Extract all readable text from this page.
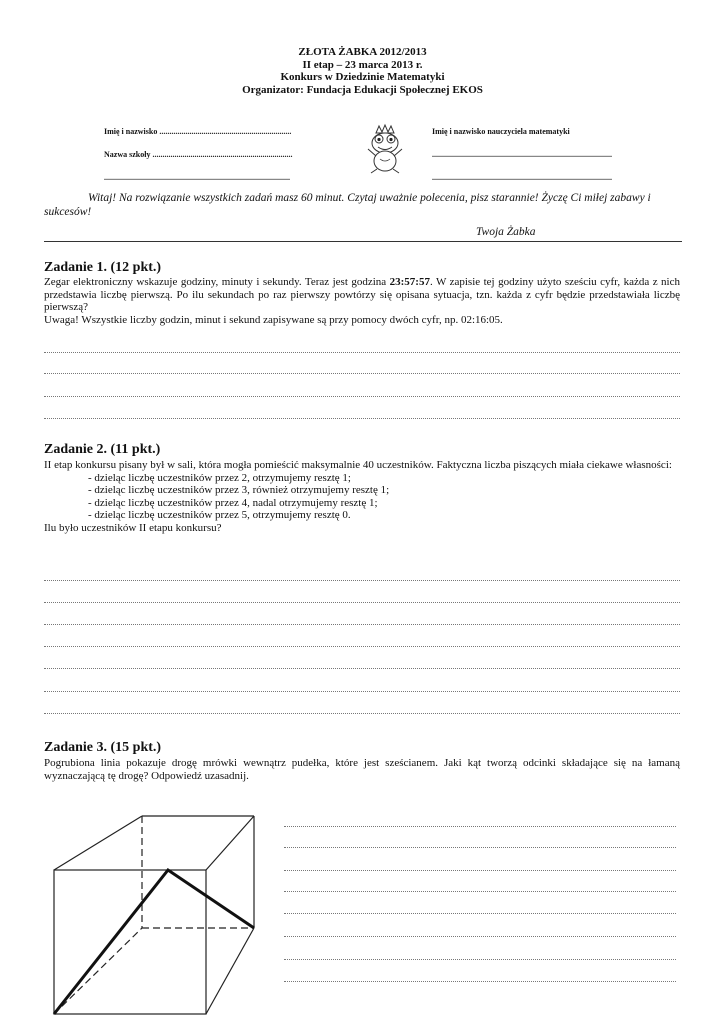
ZŁOTA ŻABKA 2012/2013
II etap – 23 marca 2013 r.
Konkurs w Dziedzinie Matematyki
Organizator: Fundacja Edukacji Społecznej EKOS
Imię i nazwisko ..................................................................	Imię i nazwisko nauczyciela matematyki
Nazwa szkoły ......................................................................
.............................................................................................
..........................................................................................
..........................................................................................
Witaj! Na rozwiązanie wszystkich zadań masz 60 minut. Czytaj uważnie polecenia, pisz starannie! Życzę Ci miłej zabawy i sukcesów!
Twoja Żabka
Zadanie 1. (12 pkt.)

Zegar elektroniczny wskazuje godziny, minuty i sekundy. Teraz jest godzina 23:57:57. W zapisie tej godziny użyto sześciu cyfr, każda z nich przedstawia liczbę pierwszą. Po ilu sekundach po raz pierwszy powtórzy się opisana sytuacja, tzn. każda z cyfr będzie przedstawiała liczbę pierwszą?

Uwaga! Wszystkie liczby godzin, minut i sekund zapisywane są przy pomocy dwóch cyfr, np. 02:16:05.

Zadanie 2. (11 pkt.)

II etap konkursu pisany był w sali, która mogła pomieścić maksymalnie 40 uczestników. Faktyczna liczba piszących miała ciekawe własności:

- dzieląc liczbę uczestników przez 2, otrzymujemy resztę 1;

- dzieląc liczbę uczestników przez 3, również otrzymujemy resztę 1;

- dzieląc liczbę uczestników przez 4, nadal otrzymujemy resztę 1;

- dzieląc liczbę uczestników przez 5, otrzymujemy resztę 0.

Ilu było uczestników II etapu konkursu?

Zadanie 3. (15 pkt.)
Pogrubiona linia pokazuje drogę mrówki wewnątrz pudełka, które jest sześcianem. Jaki kąt tworzą odcinki składające się na łamaną wyznaczającą tę drogę? Odpowiedź uzasadnij.
